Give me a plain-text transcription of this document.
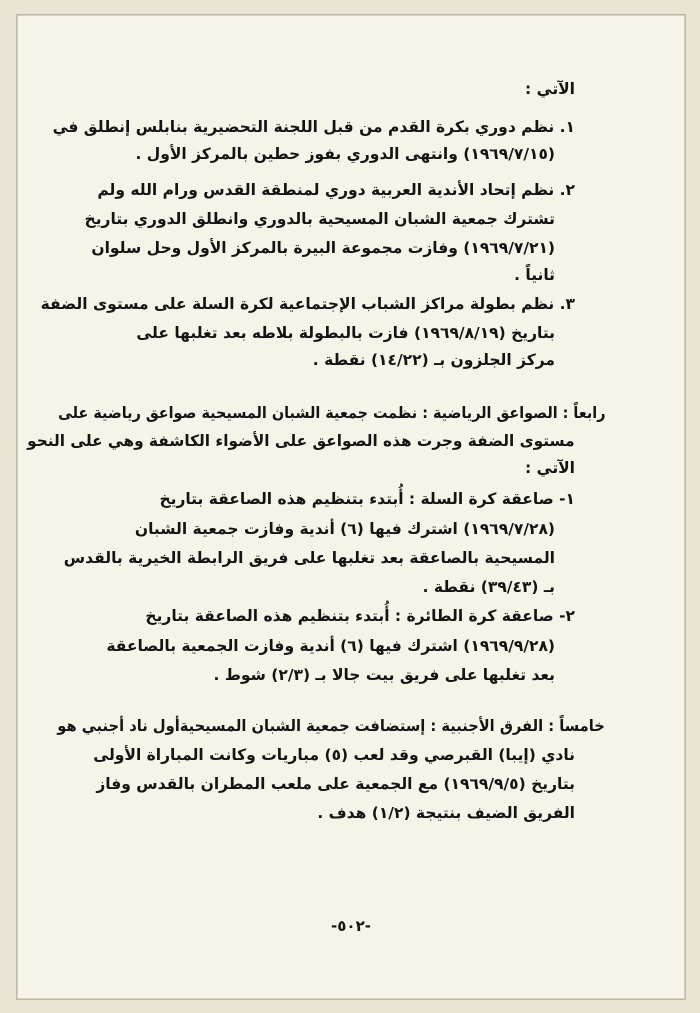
الآتي :
١. نظم دوري بكرة القدم من قبل اللجنة التحضيرية بنابلس إنطلق في
(١٩٦٩/٧/١٥) وانتهى الدوري بفوز حطين بالمركز الأول .
٢. نظم إتحاد الأندية العربية دوري لمنطقة القدس ورام الله ولم
تشترك جمعية الشبان المسيحية بالدوري وانطلق الدوري بتاريخ
(١٩٦٩/٧/٢١) وفازت مجموعة البيرة بالمركز الأول وحل سلوان
ثانياً .
٣. نظم بطولة مراكز الشباب الإجتماعية لكرة السلة على مستوى الضفة
بتاريخ (١٩٦٩/٨/١٩) فازت بالبطولة بلاطه بعد تغلبها على
مركز الجلزون بـ (١٤/٢٢) نقطة .
رابعاً : الصواعق الرياضية : نظمت جمعية الشبان المسيحية صواعق رياضية على
مستوى الضفة وجرت هذه الصواعق على الأضواء الكاشفة وهي على النحو
الآتي :
١- صاعقة كرة السلة : أُبتدء بتنظيم هذه الصاعقة بتاريخ
(١٩٦٩/٧/٢٨) اشترك فيها (٦) أندية وفازت جمعية الشبان
المسيحية بالصاعقة بعد تغلبها على فريق الرابطة الخيرية بالقدس
بـ (٣٩/٤٣) نقطة .
٢- صاعقة كرة الطائرة : أُبتدء بتنظيم هذه الصاعقة بتاريخ
(١٩٦٩/٩/٢٨) اشترك فيها (٦) أندية وفازت الجمعية بالصاعقة
بعد تغلبها على فريق بيت جالا بـ (٢/٣) شوط .
خامساً : الفرق الأجنبية : إستضافت جمعية الشبان المسيحيةأول ناد أجنبي هو
نادي (إيبا) القبرصي وقد لعب (٥) مباريات وكانت المباراة الأولى
بتاريخ (١٩٦٩/٩/٥) مع الجمعية على ملعب المطران بالقدس وفاز
الفريق الضيف بنتيجة (١/٢) هدف .
-٥٠٢-
